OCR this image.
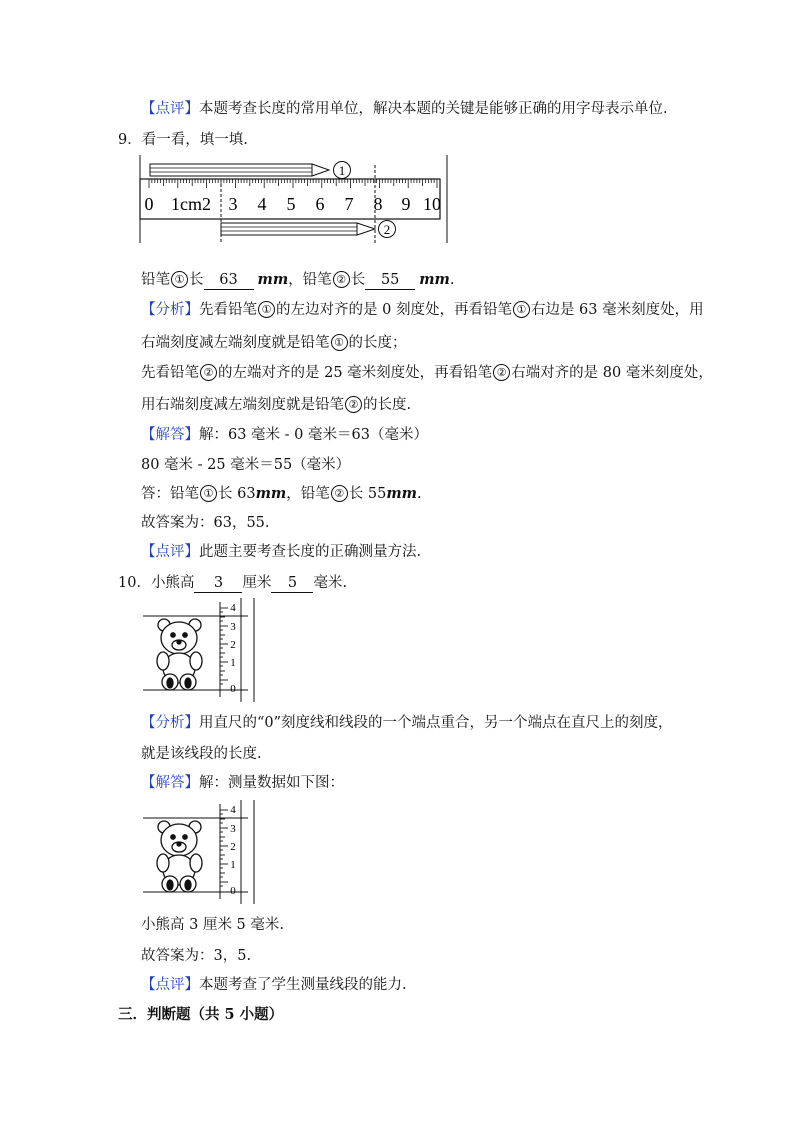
【点评】本题考查长度的常用单位，解决本题的关键是能够正确的用字母表示单位.
9．看一看，填一填.
1
0 1cm2 3 4 5 6 7 8 9 10
2
铅笔 ① 长 63 mm，铅笔 ② 长 55 mm.
【分析】先看铅笔 ① 的左边对齐的是 0 刻度处，再看铅笔 ① 右边是 63 毫米刻度处，用
右端刻度减左端刻度就是铅笔 ① 的长度；
先看铅笔 ② 的左端对齐的是 25 毫米刻度处，再看铅笔 ② 右端对齐的是 80 毫米刻度处，
用右端刻度减左端刻度就是铅笔 ② 的长度.
【解答】解：63 毫米 - 0 毫米＝63（毫米）
80 毫米 - 25 毫米＝55（毫米）
答：铅笔 ① 长 63mm，铅笔 ② 长 55mm.
故答案为：63，55.
【点评】此题主要考查长度的正确测量方法.
10．小熊高 3 厘米 5 毫米.
【分析】用直尺的“0”刻度线和线段的一个端点重合，另一个端点在直尺上的刻度，
就是该线段的长度.
【解答】解：测量数据如下图：
小熊高 3 厘米 5 毫米.
故答案为：3，5.
【点评】本题考查了学生测量线段的能力.
三．判断题（共 5 小题）
